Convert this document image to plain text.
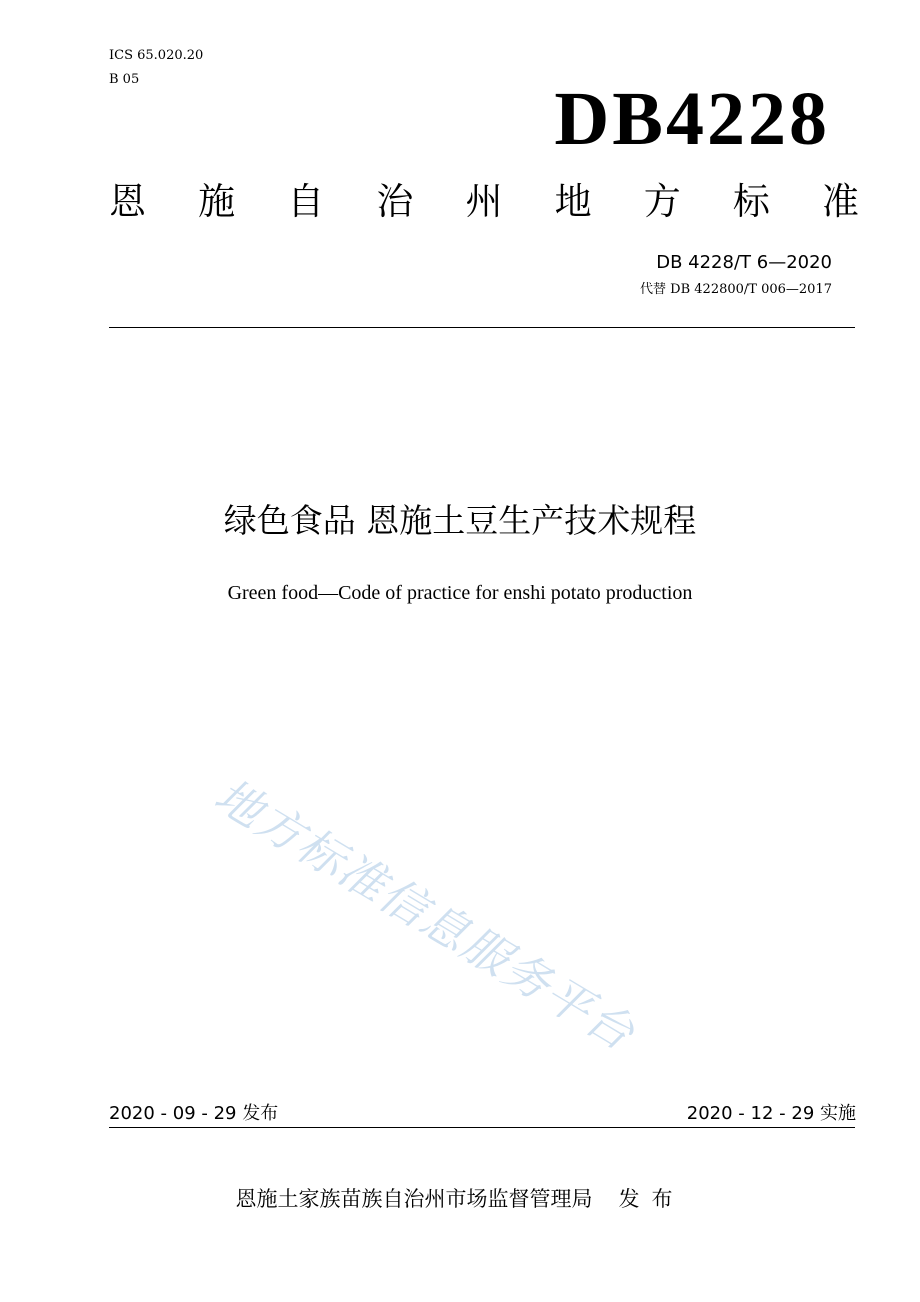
ICS 65.020.20
B 05	DB4228
恩 施 自 治 州 地 方 标 准
DB 4228/T 6—2020
代替 DB 422800/T 006—2017
绿色食品 恩施土豆生产技术规程
Green food—Code of practice for enshi potato production
地方标准信息服务平台
2020 - 09 - 29 发布	2020 - 12 - 29 实施
恩施土家族苗族自治州市场监督管理局 发布
